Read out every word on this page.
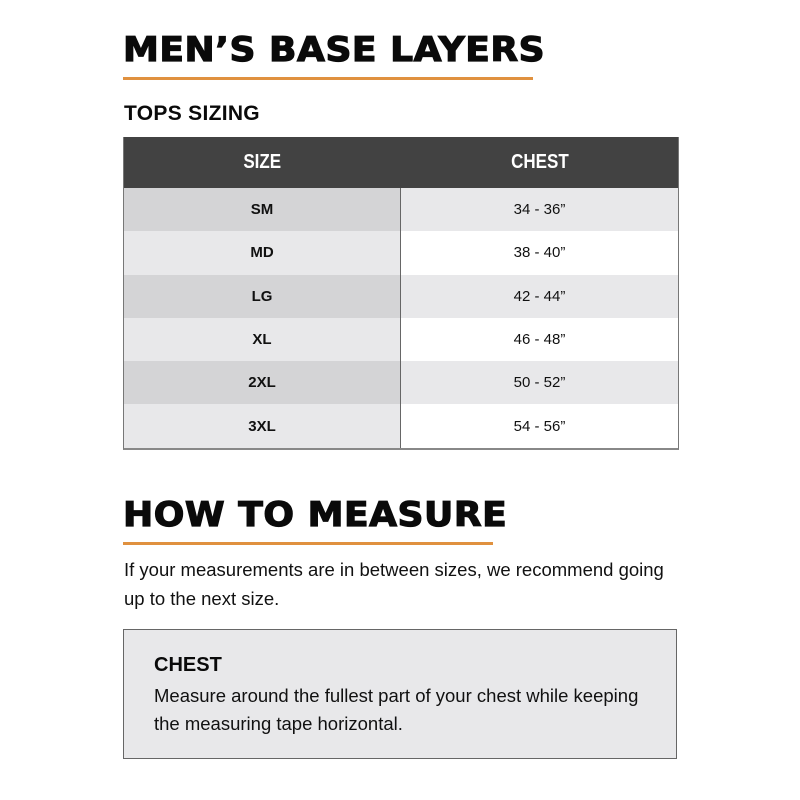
MEN’S BASE LAYERS
TOPS SIZING
SIZE	CHEST
SM	34 - 36”
MD	38 - 40”
LG	42 - 44”
XL	46 - 48”
2XL	50 - 52”
3XL	54 - 56”
HOW TO MEASURE
If your measurements are in between sizes, we recommend going up to the next size.
CHEST
Measure around the fullest part of your chest while keeping the measuring tape horizontal.
